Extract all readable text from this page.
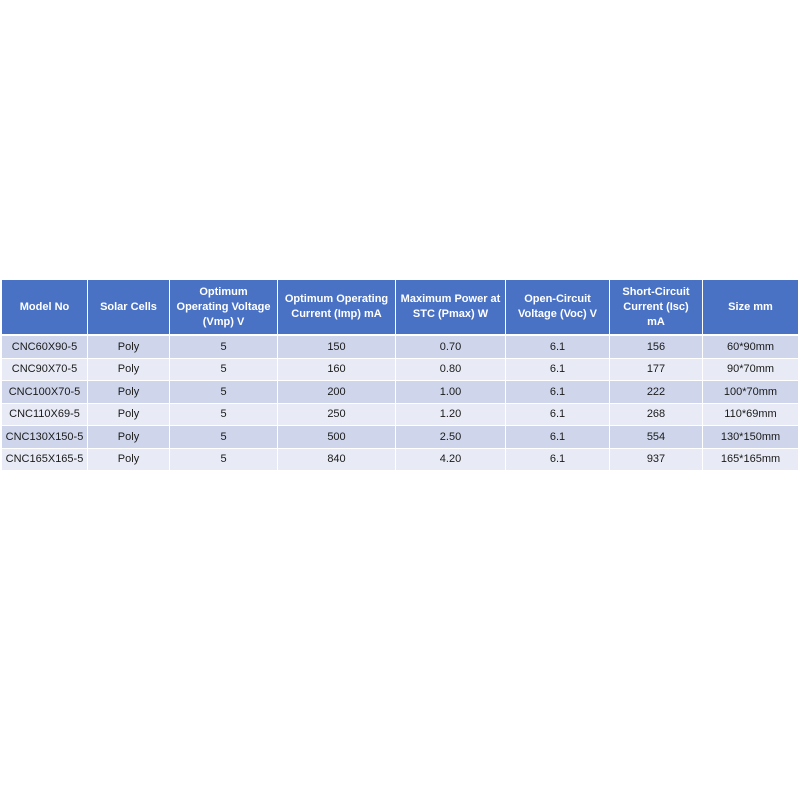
Model No	Solar Cells	Optimum Operating Voltage (Vmp) V	Optimum Operating Current (Imp) mA	Maximum Power at STC (Pmax) W	Open-Circuit Voltage (Voc) V	Short-Circuit Current (Isc) mA	Size mm
CNC60X90-5	Poly	5	150	0.70	6.1	156	60*90mm
CNC90X70-5	Poly	5	160	0.80	6.1	177	90*70mm
CNC100X70-5	Poly	5	200	1.00	6.1	222	100*70mm
CNC110X69-5	Poly	5	250	1.20	6.1	268	110*69mm
CNC130X150-5	Poly	5	500	2.50	6.1	554	130*150mm
CNC165X165-5	Poly	5	840	4.20	6.1	937	165*165mm
